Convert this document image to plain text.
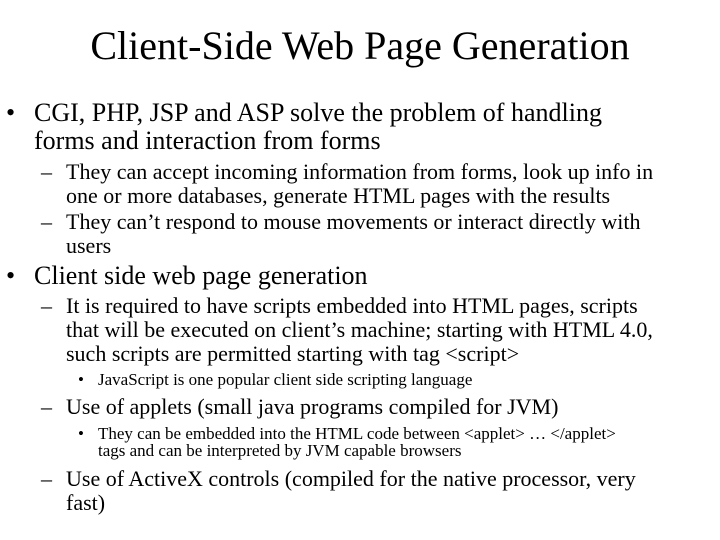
Client-Side Web Page Generation
• CGI, PHP, JSP and ASP solve the problem of handling
forms and interaction from forms
– They can accept incoming information from forms, look up info in
one or more databases, generate HTML pages with the results
– They can’t respond to mouse movements or interact directly with
users
• Client side web page generation
– It is required to have scripts embedded into HTML pages, scripts
that will be executed on client’s machine; starting with HTML 4.0,
such scripts are permitted starting with tag <script>
• JavaScript is one popular client side scripting language
– Use of applets (small java programs compiled for JVM)
• They can be embedded into the HTML code between <applet> … </applet>
tags and can be interpreted by JVM capable browsers
– Use of ActiveX controls (compiled for the native processor, very
fast)
